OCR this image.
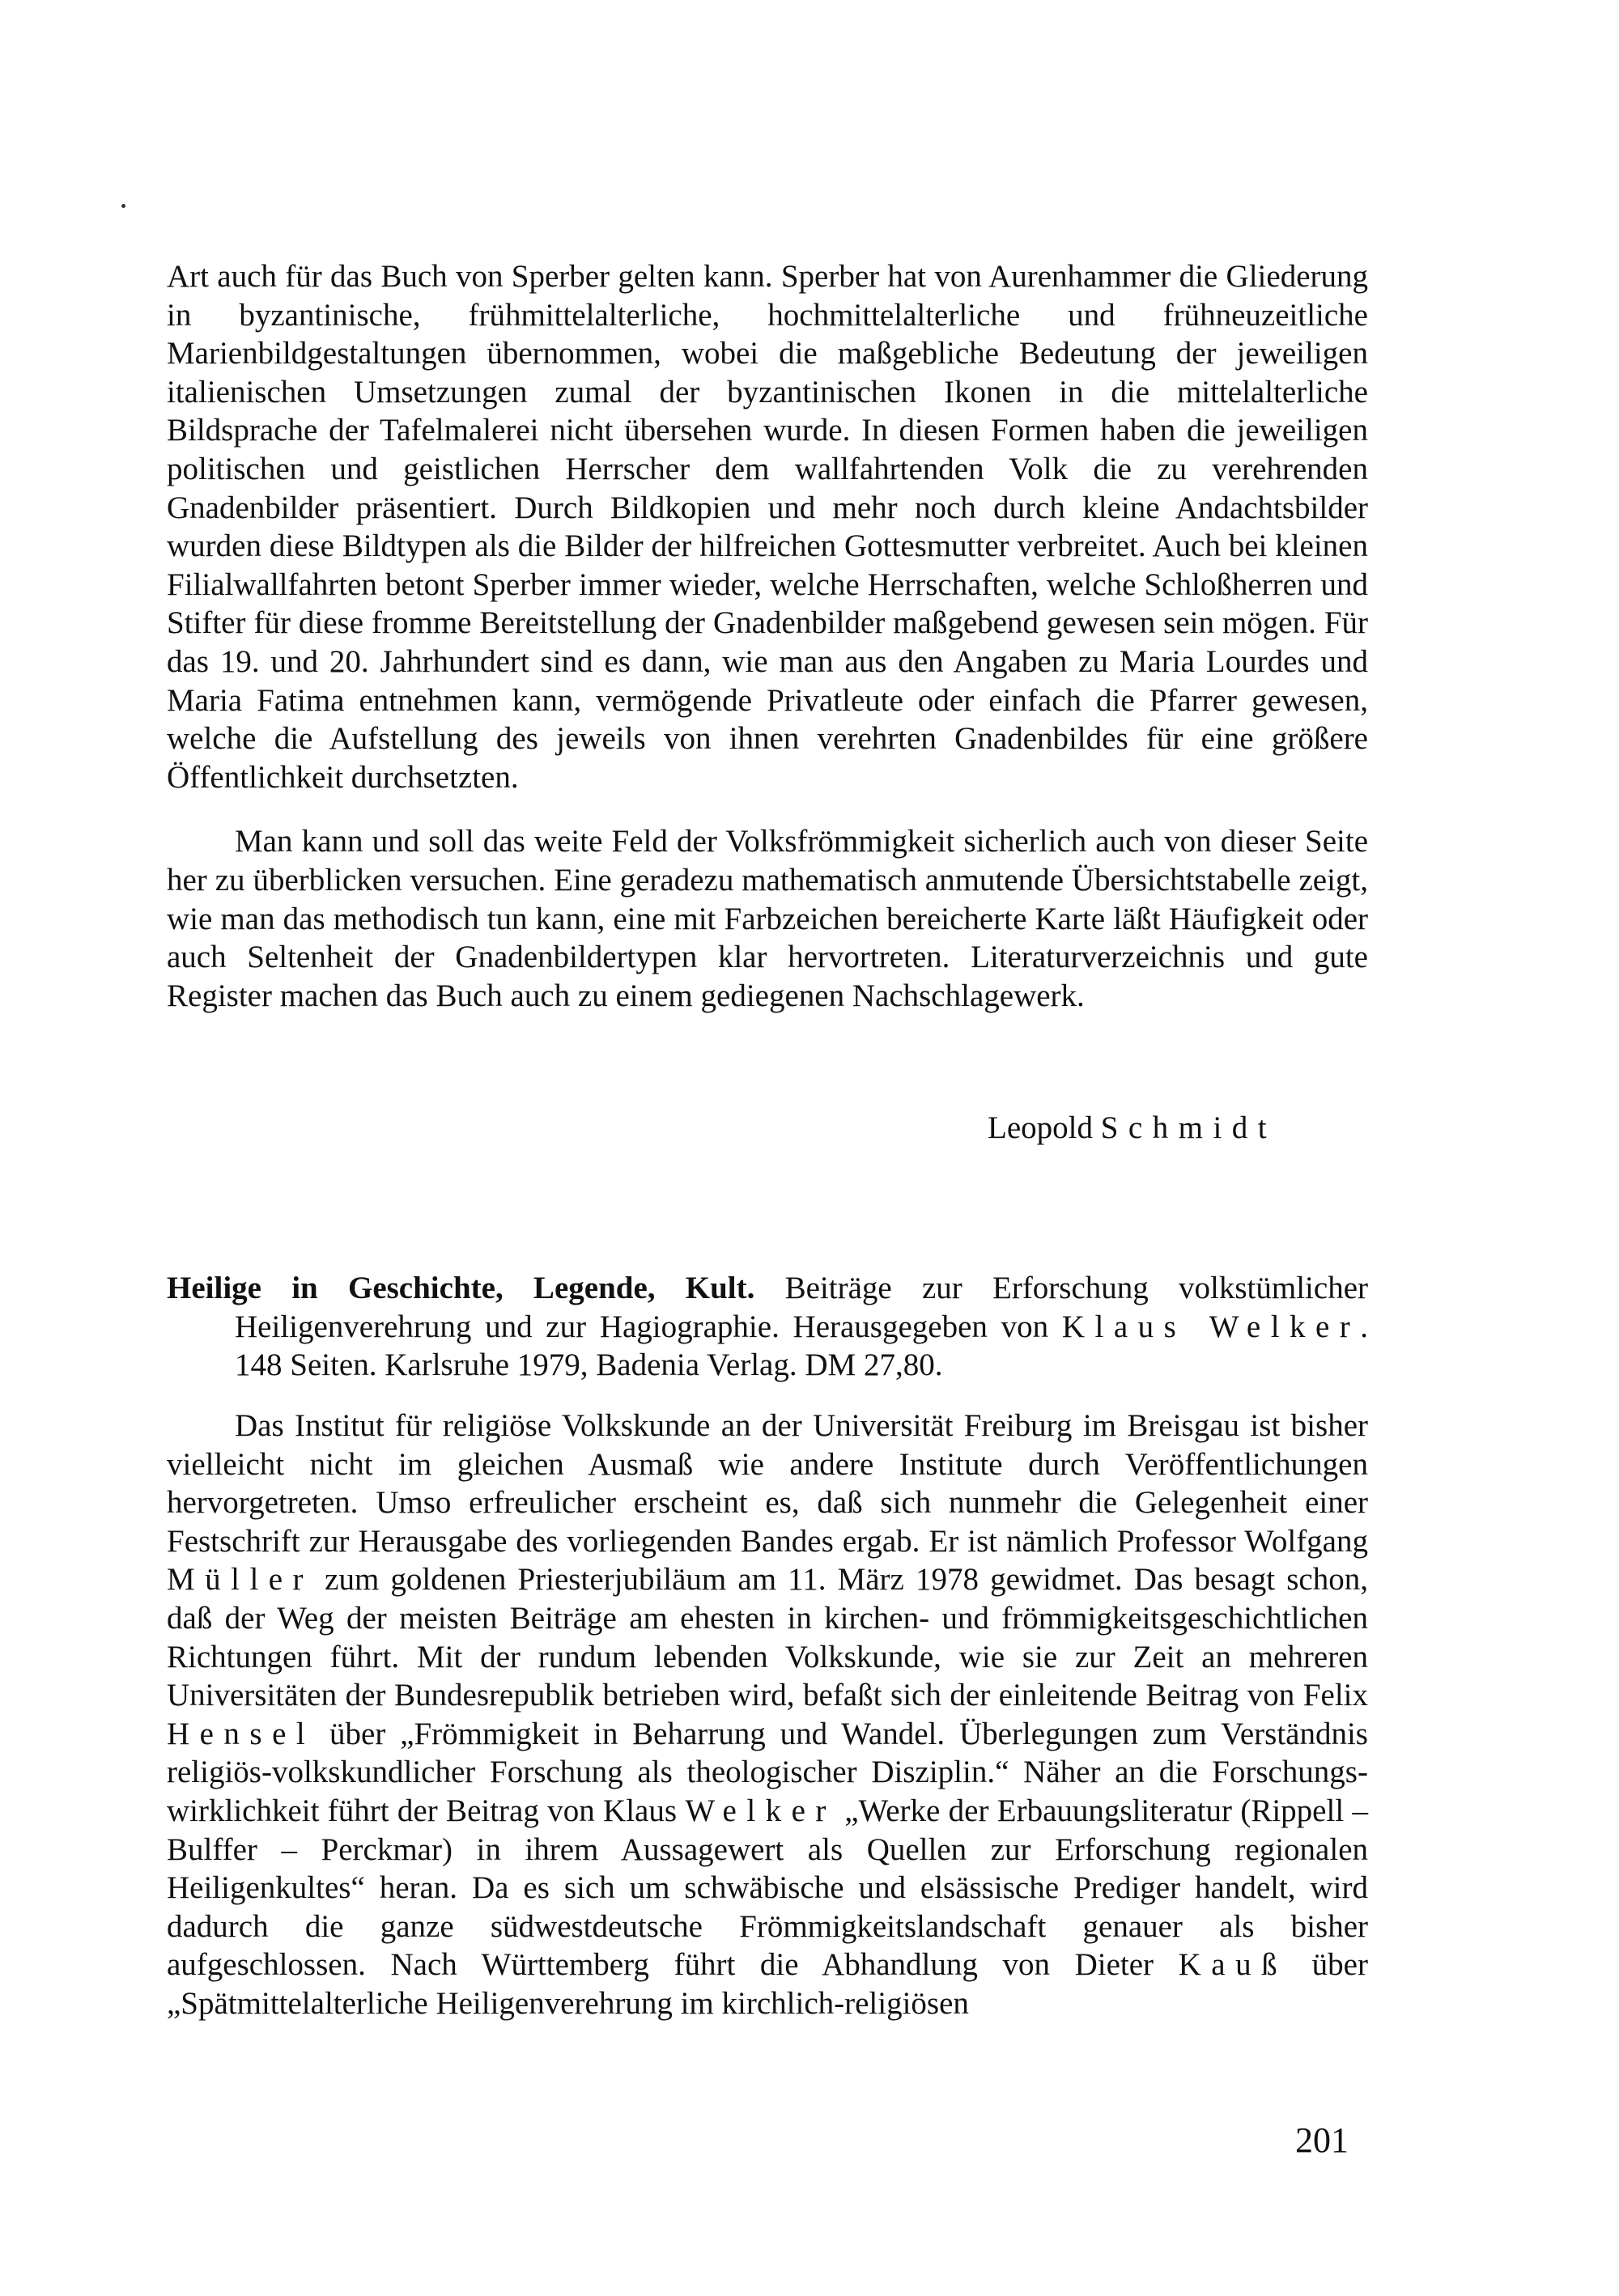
Art auch für das Buch von Sperber gelten kann. Sperber hat von Aurenhammer die Gliederung in byzantinische, frühmittelalterliche, hochmittelalterliche und frühneuzeitliche Marienbildgestaltungen übernommen, wobei die maßgebliche Bedeutung der jeweiligen italienischen Umsetzungen zumal der byzantinischen Ikonen in die mittelalterliche Bildsprache der Tafelmalerei nicht übersehen wurde. In diesen Formen haben die jeweiligen politischen und geistlichen Herrscher dem wallfahrtenden Volk die zu verehrenden Gnadenbilder präsentiert. Durch Bildkopien und mehr noch durch kleine Andachtsbilder wurden diese Bildtypen als die Bilder der hilfreichen Gottesmutter verbreitet. Auch bei kleinen Filialwallfahrten betont Sperber immer wieder, welche Herrschaften, welche Schloßherren und Stifter für diese fromme Bereitstellung der Gnadenbilder maßgebend gewesen sein mögen. Für das 19. und 20. Jahrhundert sind es dann, wie man aus den Angaben zu Maria Lourdes und Maria Fatima entnehmen kann, vermögende Privatleute oder einfach die Pfarrer gewesen, welche die Aufstellung des jeweils von ihnen verehrten Gnadenbildes für eine größere Öffentlichkeit durchsetzten.

Man kann und soll das weite Feld der Volksfrömmigkeit sicherlich auch von dieser Seite her zu überblicken versuchen. Eine geradezu mathematisch anmutende Übersichtstabelle zeigt, wie man das methodisch tun kann, eine mit Farbzeichen bereicherte Karte läßt Häufigkeit oder auch Seltenheit der Gnadenbildertypen klar hervortreten. Literaturverzeichnis und gute Register machen das Buch auch zu einem gediegenen Nachschlagewerk.

Leopold Schmidt
Heilige in Geschichte, Legende, Kult. Beiträge zur Erforschung volkstümlicher Heiligenverehrung und zur Hagiographie. Herausgegeben von Klaus Welker. 148 Seiten. Karlsruhe 1979, Badenia Verlag. DM 27,80.

Das Institut für religiöse Volkskunde an der Universität Freiburg im Breisgau ist bisher vielleicht nicht im gleichen Ausmaß wie andere Institute durch Veröffentlichungen hervorgetreten. Umso erfreulicher erscheint es, daß sich nunmehr die Gelegenheit einer Festschrift zur Herausgabe des vorliegenden Bandes ergab. Er ist nämlich Professor Wolfgang Müller zum goldenen Priesterjubiläum am 11. März 1978 gewidmet. Das besagt schon, daß der Weg der meisten Beiträge am ehesten in kirchen- und frömmigkeitsgeschichtlichen Richtungen führt. Mit der rundum lebenden Volkskunde, wie sie zur Zeit an mehreren Universitäten der Bundesrepublik betrieben wird, befaßt sich der einleitende Beitrag von Felix Hensel über „Frömmigkeit in Beharrung und Wandel. Überlegungen zum Verständnis religiös-volkskundlicher Forschung als theologischer Disziplin.“ Näher an die Forschungswirklichkeit führt der Beitrag von Klaus Welker „Werke der Erbauungsliteratur (Rippell – Bulffer – Perckmar) in ihrem Aussagewert als Quellen zur Erforschung regionalen Heiligenkultes“ heran. Da es sich um schwäbische und elsässische Prediger handelt, wird dadurch die ganze südwestdeutsche Frömmigkeitslandschaft genauer als bisher aufgeschlossen. Nach Württemberg führt die Abhandlung von Dieter Kauß über „Spätmittelalterliche Heiligenverehrung im kirchlich-religiösen

201
